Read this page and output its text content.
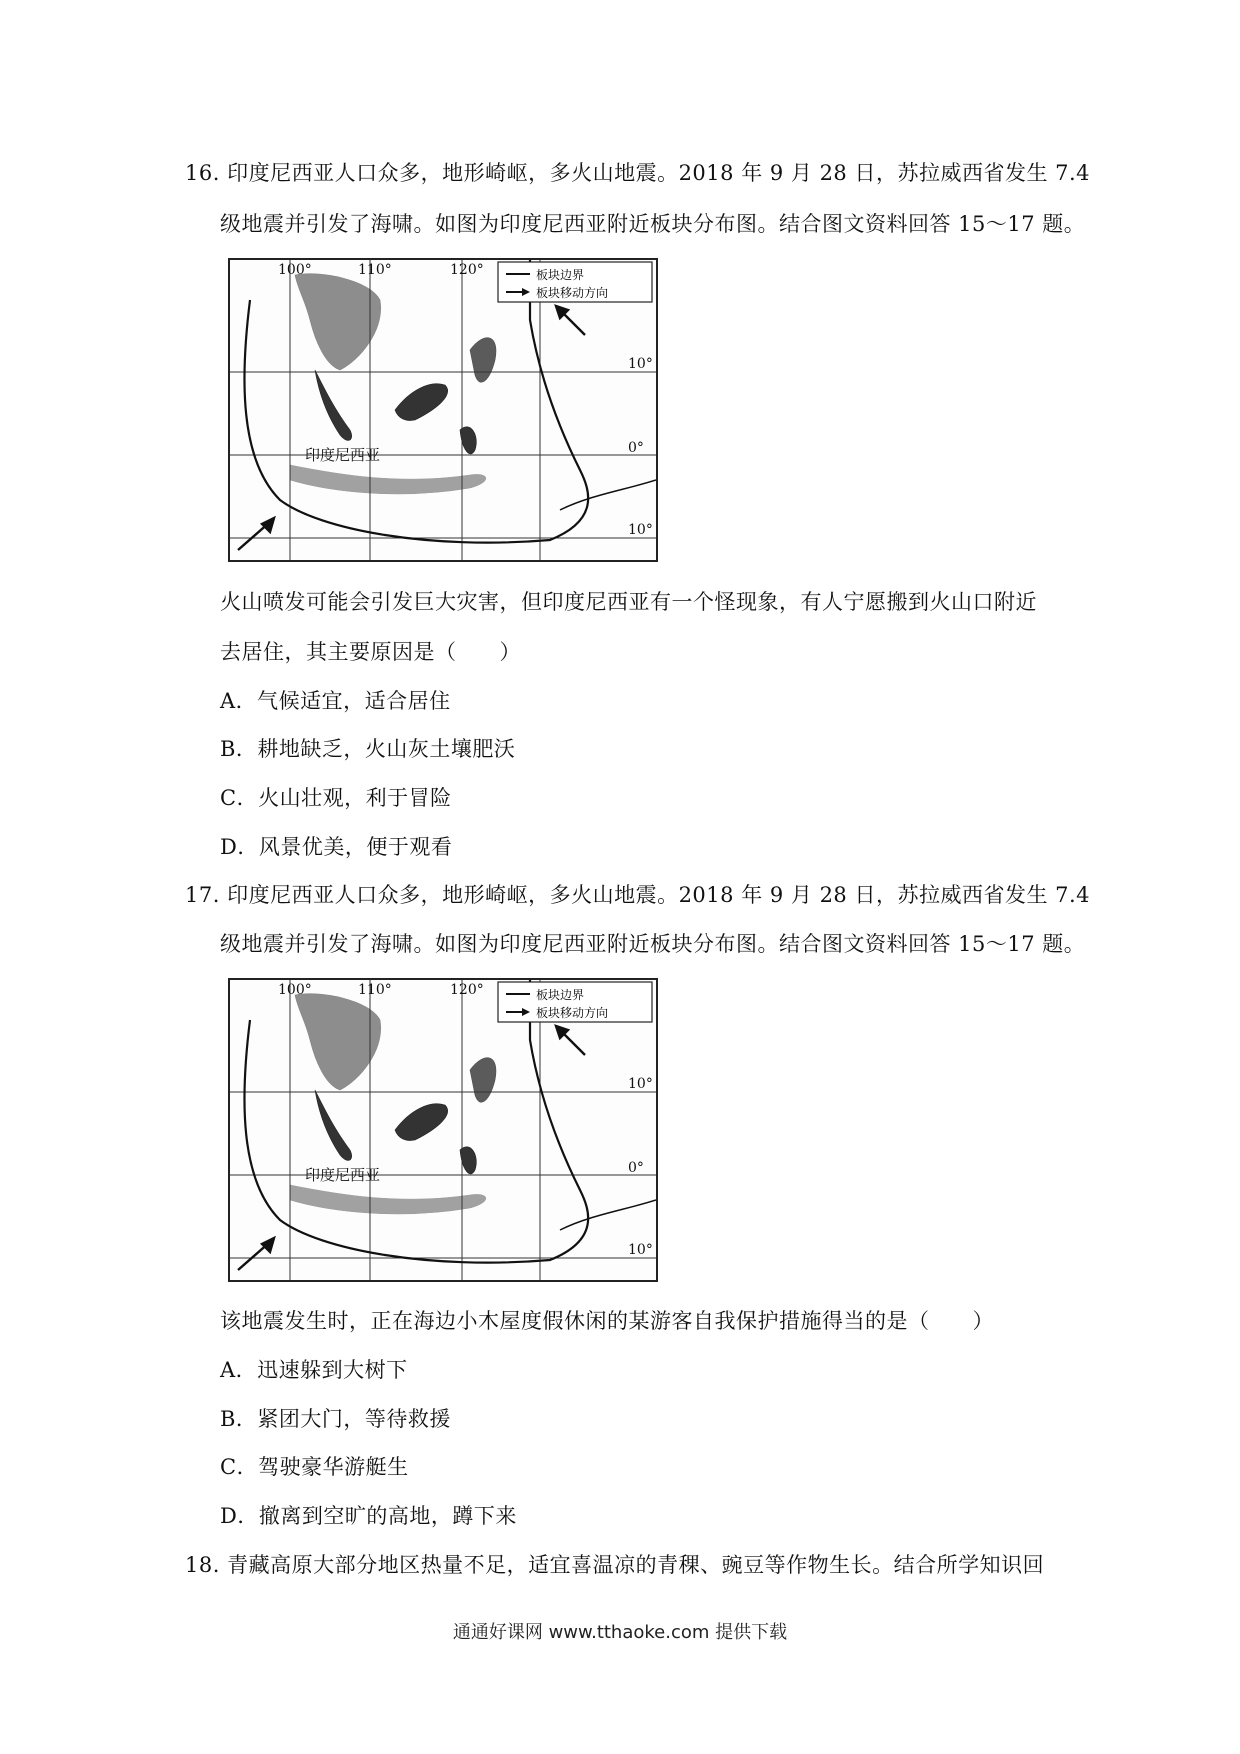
16. 印度尼西亚人口众多，地形崎岖，多火山地震。2018 年 9 月 28 日，苏拉威西省发生 7.4
级地震并引发了海啸。如图为印度尼西亚附近板块分布图。结合图文资料回答 15～17 题。
板块边界
板块移动方向
100°	110°	120°
10°
0°
10°
印度尼西亚
火山喷发可能会引发巨大灾害，但印度尼西亚有一个怪现象，有人宁愿搬到火山口附近
去居住，其主要原因是（　　）
A．气候适宜，适合居住
B．耕地缺乏，火山灰土壤肥沃
C．火山壮观，利于冒险
D．风景优美，便于观看
17. 印度尼西亚人口众多，地形崎岖，多火山地震。2018 年 9 月 28 日，苏拉威西省发生 7.4
级地震并引发了海啸。如图为印度尼西亚附近板块分布图。结合图文资料回答 15～17 题。
板块边界
板块移动方向
100°	110°	120°
10°
0°
10°
印度尼西亚
该地震发生时，正在海边小木屋度假休闲的某游客自我保护措施得当的是（　　）
A．迅速躲到大树下
B．紧团大门，等待救援
C．驾驶豪华游艇生
D．撤离到空旷的高地，蹲下来
18. 青藏高原大部分地区热量不足，适宜喜温凉的青稞、豌豆等作物生长。结合所学知识回
通通好课网 www.tthaoke.com 提供下载
